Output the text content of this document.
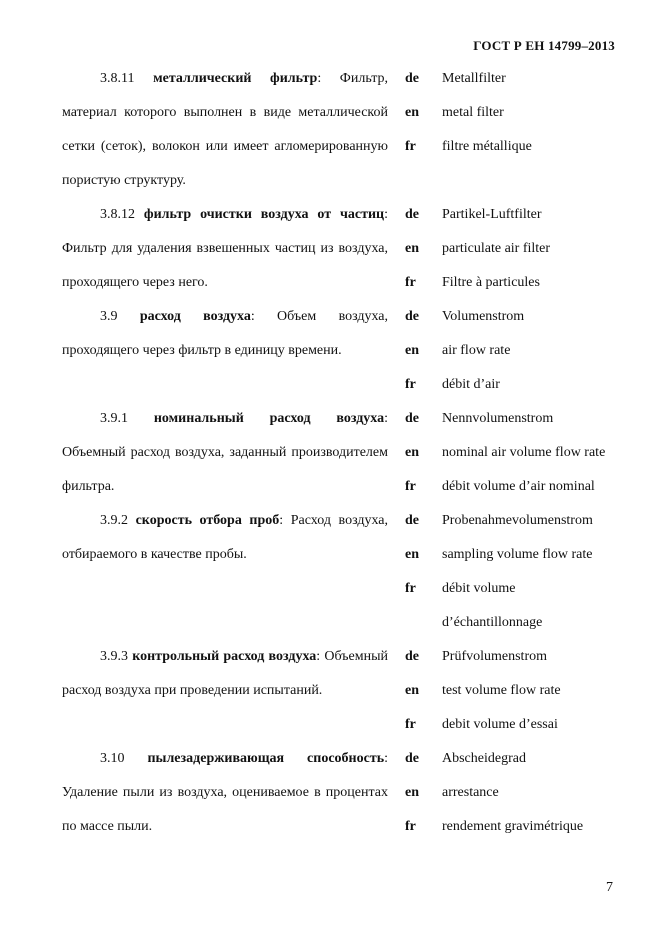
ГОСТ Р ЕН 14799–2013

3.8.11 металлический фильтр: Фильтр, материал которого выполнен в виде металлической сетки (сеток), волокон или имеет агломерированную пористую структуру.

de	Metallfilter
en	metal filter
fr	filtre métallique

3.8.12 фильтр очистки воздуха от частиц: Фильтр для удаления взвешенных частиц из воздуха, проходящего через него.

de	Partikel-Luftfilter
en	particulate air filter
fr	Filtre à particules

3.9 расход воздуха: Объем воздуха, проходящего через фильтр в единицу времени.

de	Volumenstrom
en	air flow rate
fr	débit d’air

3.9.1 номинальный расход воздуха: Объемный расход воздуха, заданный производителем фильтра.

de	Nennvolumenstrom
en	nominal air volume flow rate
fr	débit volume d’air nominal

3.9.2 скорость отбора проб: Расход воздуха, отбираемого в качестве пробы.

de	Probenahmevolumenstrom
en	sampling volume flow rate
fr	débit volume
d’échantillonnage

3.9.3 контрольный расход воздуха: Объемный расход воздуха при проведении испытаний.

de	Prüfvolumenstrom
en	test volume flow rate
fr	debit volume d’essai

3.10 пылезадерживающая способность: Удаление пыли из воздуха, оцениваемое в процентах по массе пыли.

de	Abscheidegrad
en	arrestance
fr	rendement gravimétrique
7
